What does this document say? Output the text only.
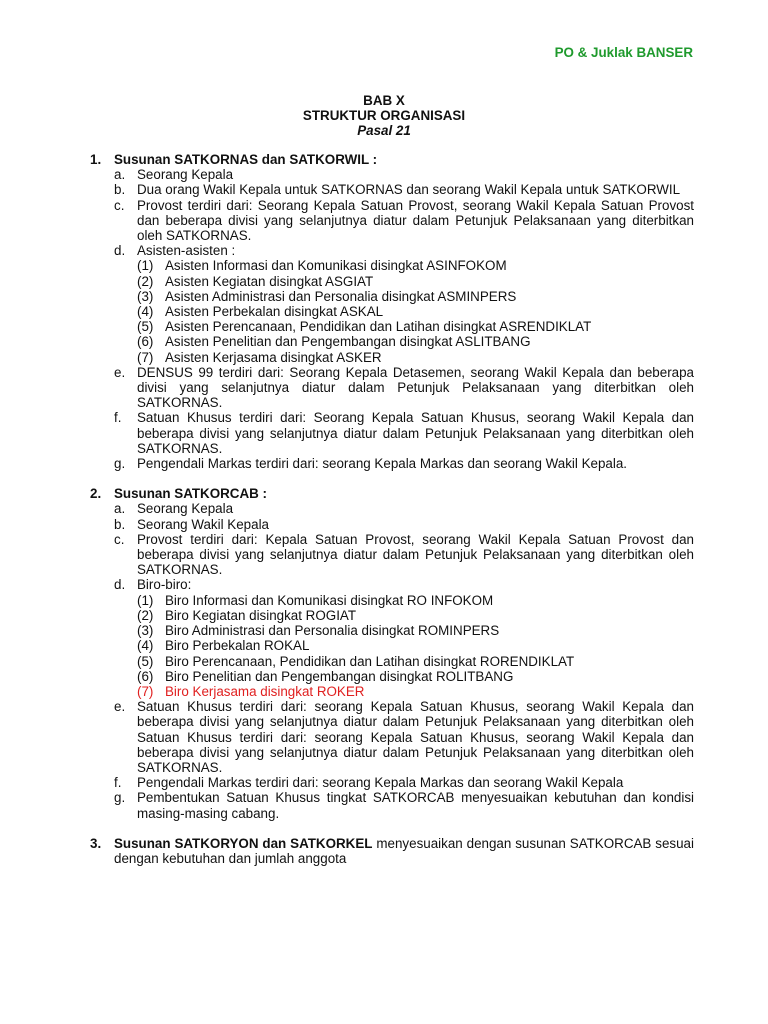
PO & Juklak BANSER
BAB X
STRUKTUR ORGANISASI
Pasal 21
1. Susunan SATKORNAS dan SATKORWIL :
a. Seorang Kepala
b. Dua orang Wakil Kepala untuk SATKORNAS dan seorang Wakil Kepala untuk SATKORWIL
c. Provost terdiri dari: Seorang Kepala Satuan Provost, seorang Wakil Kepala Satuan Provost dan beberapa divisi yang selanjutnya diatur dalam Petunjuk Pelaksanaan yang diterbitkan oleh SATKORNAS.
d. Asisten-asisten :
(1) Asisten Informasi dan Komunikasi disingkat ASINFOKOM
(2) Asisten Kegiatan disingkat ASGIAT
(3) Asisten Administrasi dan Personalia disingkat ASMINPERS
(4) Asisten Perbekalan disingkat ASKAL
(5) Asisten Perencanaan, Pendidikan dan Latihan disingkat ASRENDIKLAT
(6) Asisten Penelitian dan Pengembangan disingkat ASLITBANG
(7) Asisten Kerjasama disingkat ASKER
e. DENSUS 99 terdiri dari: Seorang Kepala Detasemen, seorang Wakil Kepala dan beberapa divisi yang selanjutnya diatur dalam Petunjuk Pelaksanaan yang diterbitkan oleh SATKORNAS.
f.	Satuan Khusus terdiri dari: Seorang Kepala Satuan Khusus, seorang Wakil Kepala dan beberapa divisi yang selanjutnya diatur dalam Petunjuk Pelaksanaan yang diterbitkan oleh SATKORNAS.
g. Pengendali Markas terdiri dari: seorang Kepala Markas dan seorang Wakil Kepala.
2. Susunan SATKORCAB :
a. Seorang Kepala
b. Seorang Wakil Kepala
c. Provost terdiri dari: Kepala Satuan Provost, seorang Wakil Kepala Satuan Provost dan beberapa divisi yang selanjutnya diatur dalam Petunjuk Pelaksanaan yang diterbitkan oleh SATKORNAS.
d. Biro-biro:
(1) Biro Informasi dan Komunikasi disingkat RO INFOKOM
(2) Biro Kegiatan disingkat ROGIAT
(3) Biro Administrasi dan Personalia disingkat ROMINPERS
(4) Biro Perbekalan ROKAL
(5) Biro Perencanaan, Pendidikan dan Latihan disingkat RORENDIKLAT
(6) Biro Penelitian dan Pengembangan disingkat ROLITBANG
(7) Biro Kerjasama disingkat ROKER
e. Satuan Khusus terdiri dari: seorang Kepala Satuan Khusus, seorang Wakil Kepala dan beberapa divisi yang selanjutnya diatur dalam Petunjuk Pelaksanaan yang diterbitkan oleh Satuan Khusus terdiri dari: seorang Kepala Satuan Khusus, seorang Wakil Kepala dan beberapa divisi yang selanjutnya diatur dalam Petunjuk Pelaksanaan yang diterbitkan oleh SATKORNAS.
f.	Pengendali Markas terdiri dari: seorang Kepala Markas dan seorang Wakil Kepala
g. Pembentukan Satuan Khusus tingkat SATKORCAB menyesuaikan kebutuhan dan kondisi masing-masing cabang.
3. Susunan SATKORYON dan SATKORKEL menyesuaikan dengan susunan SATKORCAB sesuai dengan kebutuhan dan jumlah anggota
